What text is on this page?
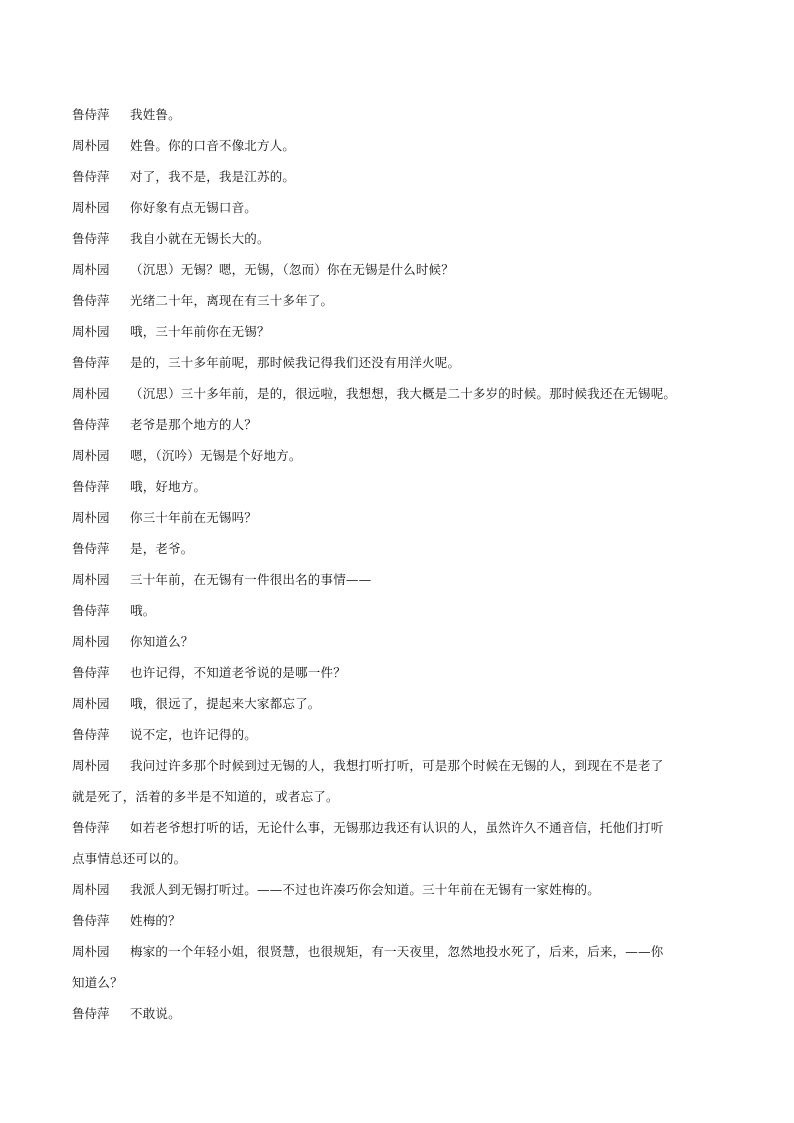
鲁侍萍	我姓鲁。
周朴园	姓鲁。你的口音不像北方人。
鲁侍萍	对了，我不是，我是江苏的。
周朴园	你好象有点无锡口音。
鲁侍萍	我自小就在无锡长大的。
周朴园	（沉思）无锡？嗯，无锡，（忽而）你在无锡是什么时候？
鲁侍萍	光绪二十年，离现在有三十多年了。
周朴园	哦，三十年前你在无锡？
鲁侍萍	是的，三十多年前呢，那时候我记得我们还没有用洋火呢。
周朴园	（沉思）三十多年前，是的，很远啦，我想想，我大概是二十多岁的时候。那时候我还在无锡呢。
鲁侍萍	老爷是那个地方的人？
周朴园	嗯，（沉吟）无锡是个好地方。
鲁侍萍	哦，好地方。
周朴园	你三十年前在无锡吗？
鲁侍萍	是，老爷。
周朴园	三十年前，在无锡有一件很出名的事情——
鲁侍萍	哦。
周朴园	你知道么？
鲁侍萍	也许记得，不知道老爷说的是哪一件？
周朴园	哦，很远了，提起来大家都忘了。
鲁侍萍	说不定，也许记得的。
周朴园	我问过许多那个时候到过无锡的人，我想打听打听，可是那个时候在无锡的人，到现在不是老了
就是死了，活着的多半是不知道的，或者忘了。
鲁侍萍	如若老爷想打听的话，无论什么事，无锡那边我还有认识的人，虽然许久不通音信，托他们打听
点事情总还可以的。
周朴园	我派人到无锡打听过。——不过也许凑巧你会知道。三十年前在无锡有一家姓梅的。
鲁侍萍	姓梅的？
周朴园	梅家的一个年轻小姐，很贤慧，也很规矩，有一天夜里，忽然地投水死了，后来，后来，——你
知道么？
鲁侍萍	不敢说。
